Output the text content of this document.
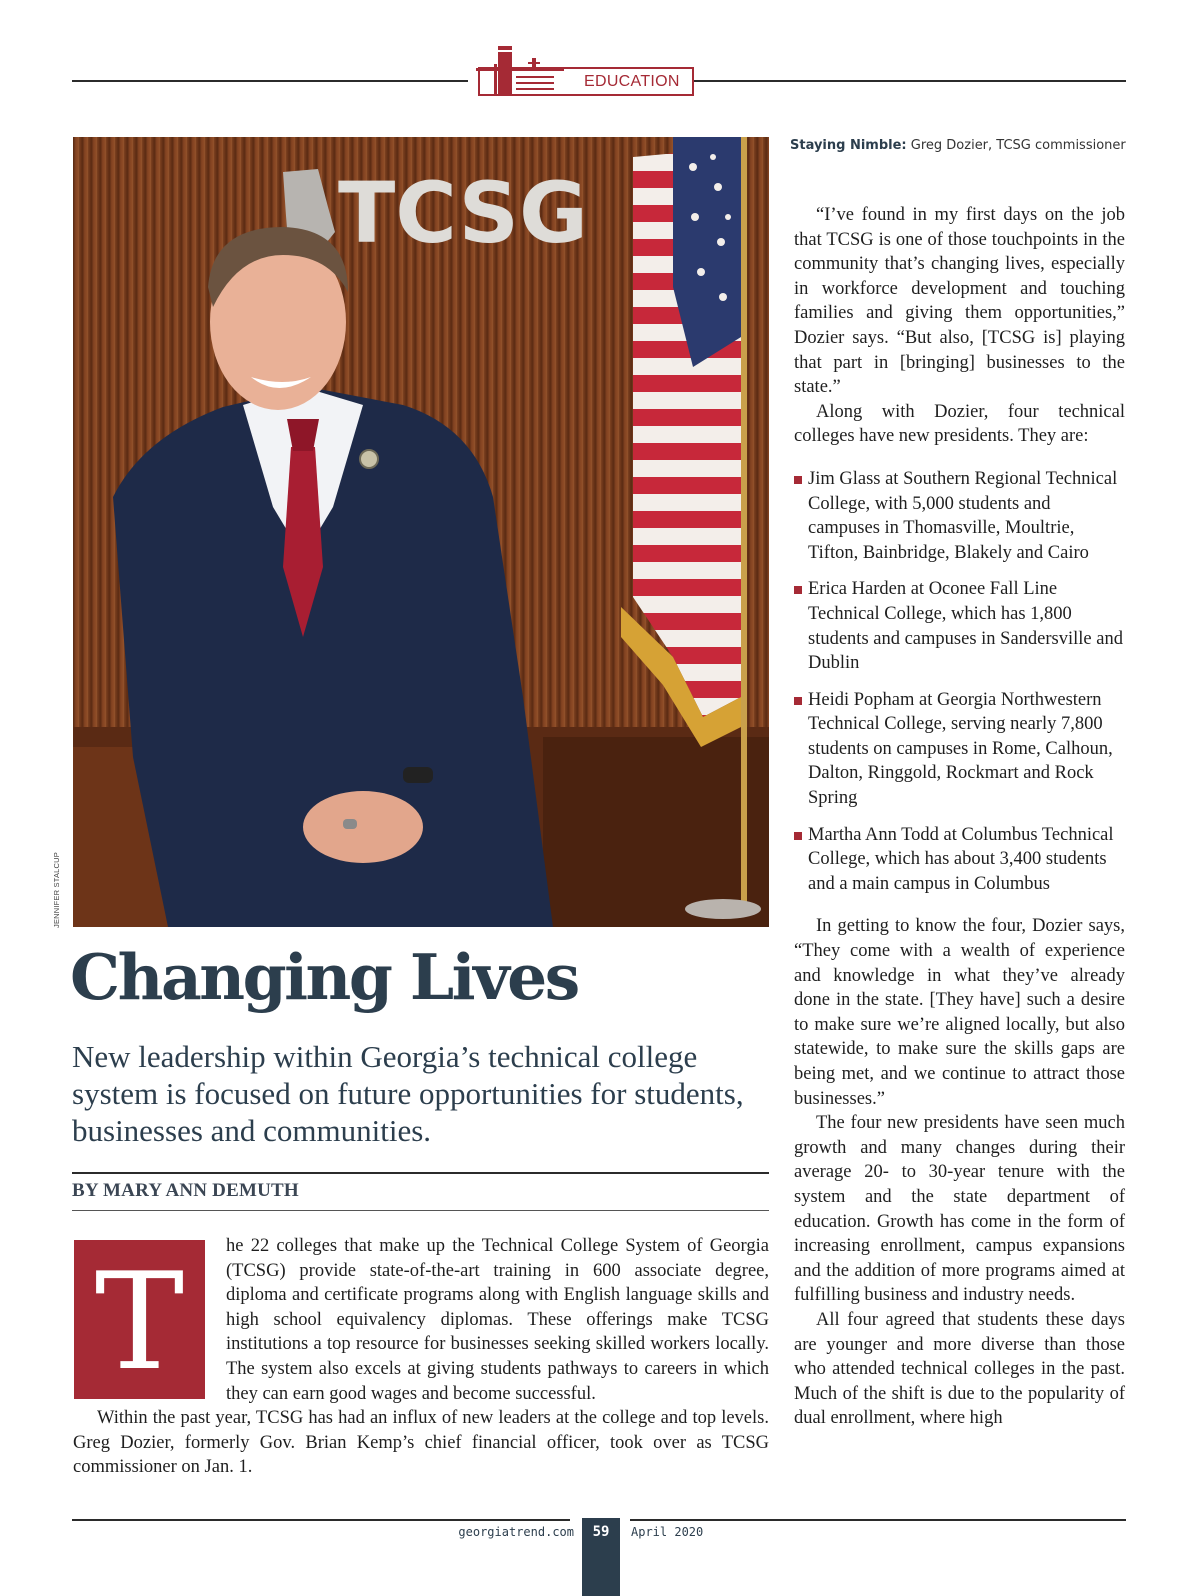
EDUCATION
TCSG
JENNIFER STALCUP
Staying Nimble: Greg Dozier, TCSG commissioner
Changing Lives

New leadership within Georgia’s technical college system is focused on future opportunities for students, businesses and communities.

BY MARY ANN DEMUTH

T	he 22 colleges that make up the Technical College System of Georgia (TCSG) provide state-of-the-art training in 600 associate degree, diploma and certificate programs along with English language skills and high school equivalency diplomas. These offerings make TCSG institutions a top resource for businesses seeking skilled workers locally. The system also excels at giving students pathways to careers in which they can earn good wages and become successful.

Within the past year, TCSG has had an influx of new leaders at the college and top levels. Greg Dozier, formerly Gov. Brian Kemp’s chief financial officer, took over as TCSG commissioner on Jan. 1.

“I’ve found in my first days on the job that TCSG is one of those touchpoints in the community that’s changing lives, especially in workforce development and touching families and giving them opportunities,” Dozier says. “But also, [TCSG is] playing that part in [bringing] businesses to the state.”

Along with Dozier, four technical colleges have new presidents. They are:

Jim Glass at Southern Regional Technical College, with 5,000 students and campuses in Thomasville, Moultrie, Tifton, Bainbridge, Blakely and Cairo
Erica Harden at Oconee Fall Line Technical College, which has 1,800 students and campuses in Sandersville and Dublin
Heidi Popham at Georgia Northwestern Technical College, serving nearly 7,800 students on campuses in Rome, Calhoun, Dalton, Ringgold, Rockmart and Rock Spring
Martha Ann Todd at Columbus Technical College, which has about 3,400 students and a main campus in Columbus

In getting to know the four, Dozier says, “They come with a wealth of experience and knowledge in what they’ve already done in the state. [They have] such a desire to make sure we’re aligned locally, but also statewide, to make sure the skills gaps are being met, and we continue to attract those businesses.”

The four new presidents have seen much growth and many changes during their average 20- to 30-year tenure with the system and the state department of education. Growth has come in the form of increasing enrollment, campus expansions and the addition of more programs aimed at fulfilling business and industry needs.

All four agreed that students these days are younger and more diverse than those who attended technical colleges in the past. Much of the shift is due to the popularity of dual enrollment, where high

georgiatrend.com	59	April 2020
